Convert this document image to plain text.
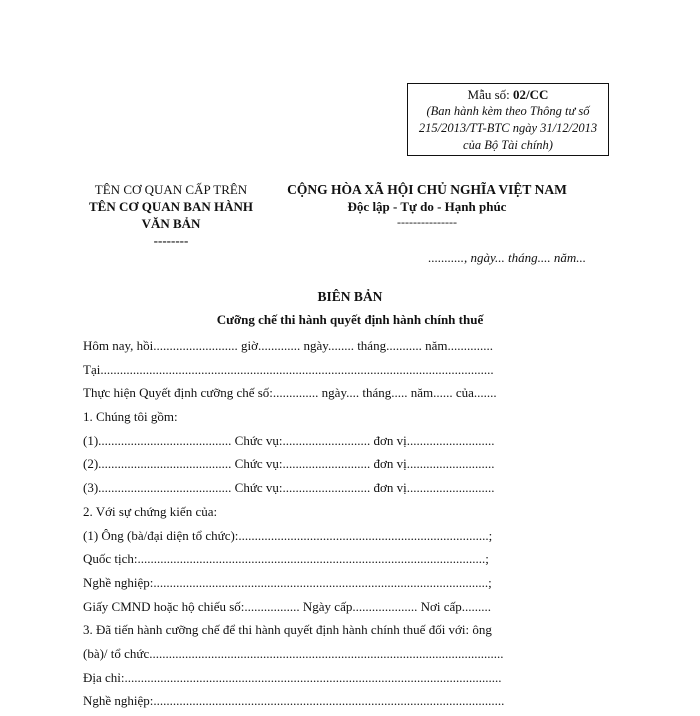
Mẫu số: 02/CC
(Ban hành kèm theo Thông tư số
215/2013/TT-BTC ngày 31/12/2013
của Bộ Tài chính)
TÊN CƠ QUAN CẤP TRÊN
TÊN CƠ QUAN BAN HÀNH
VĂN BẢN
--------
CỘNG HÒA XÃ HỘI CHỦ NGHĨA VIỆT NAM
Độc lập - Tự do - Hạnh phúc
---------------
..........., ngày... tháng.... năm...
BIÊN BẢN
Cưỡng chế thi hành quyết định hành chính thuế
Hôm nay, hồi.......................... giờ............. ngày........ tháng........... năm..............
Tại.........................................................................................................................
Thực hiện Quyết định cưỡng chế số:.............. ngày.... tháng..... năm...... của.......
1. Chúng tôi gồm:
(1)......................................... Chức vụ:........................... đơn vị...........................
(2)......................................... Chức vụ:........................... đơn vị...........................
(3)......................................... Chức vụ:........................... đơn vị...........................
2. Với sự chứng kiến của:
(1) Ông (bà/đại diện tổ chức):.............................................................................;
Quốc tịch:...........................................................................................................;
Nghề nghiệp:.......................................................................................................;
Giấy CMND hoặc hộ chiếu số:................. Ngày cấp.................... Nơi cấp.........
3. Đã tiến hành cưỡng chế để thi hành quyết định hành chính thuế đối với: ông
(bà)/ tổ chức.............................................................................................................
Địa chỉ:....................................................................................................................
Nghề nghiệp:............................................................................................................
